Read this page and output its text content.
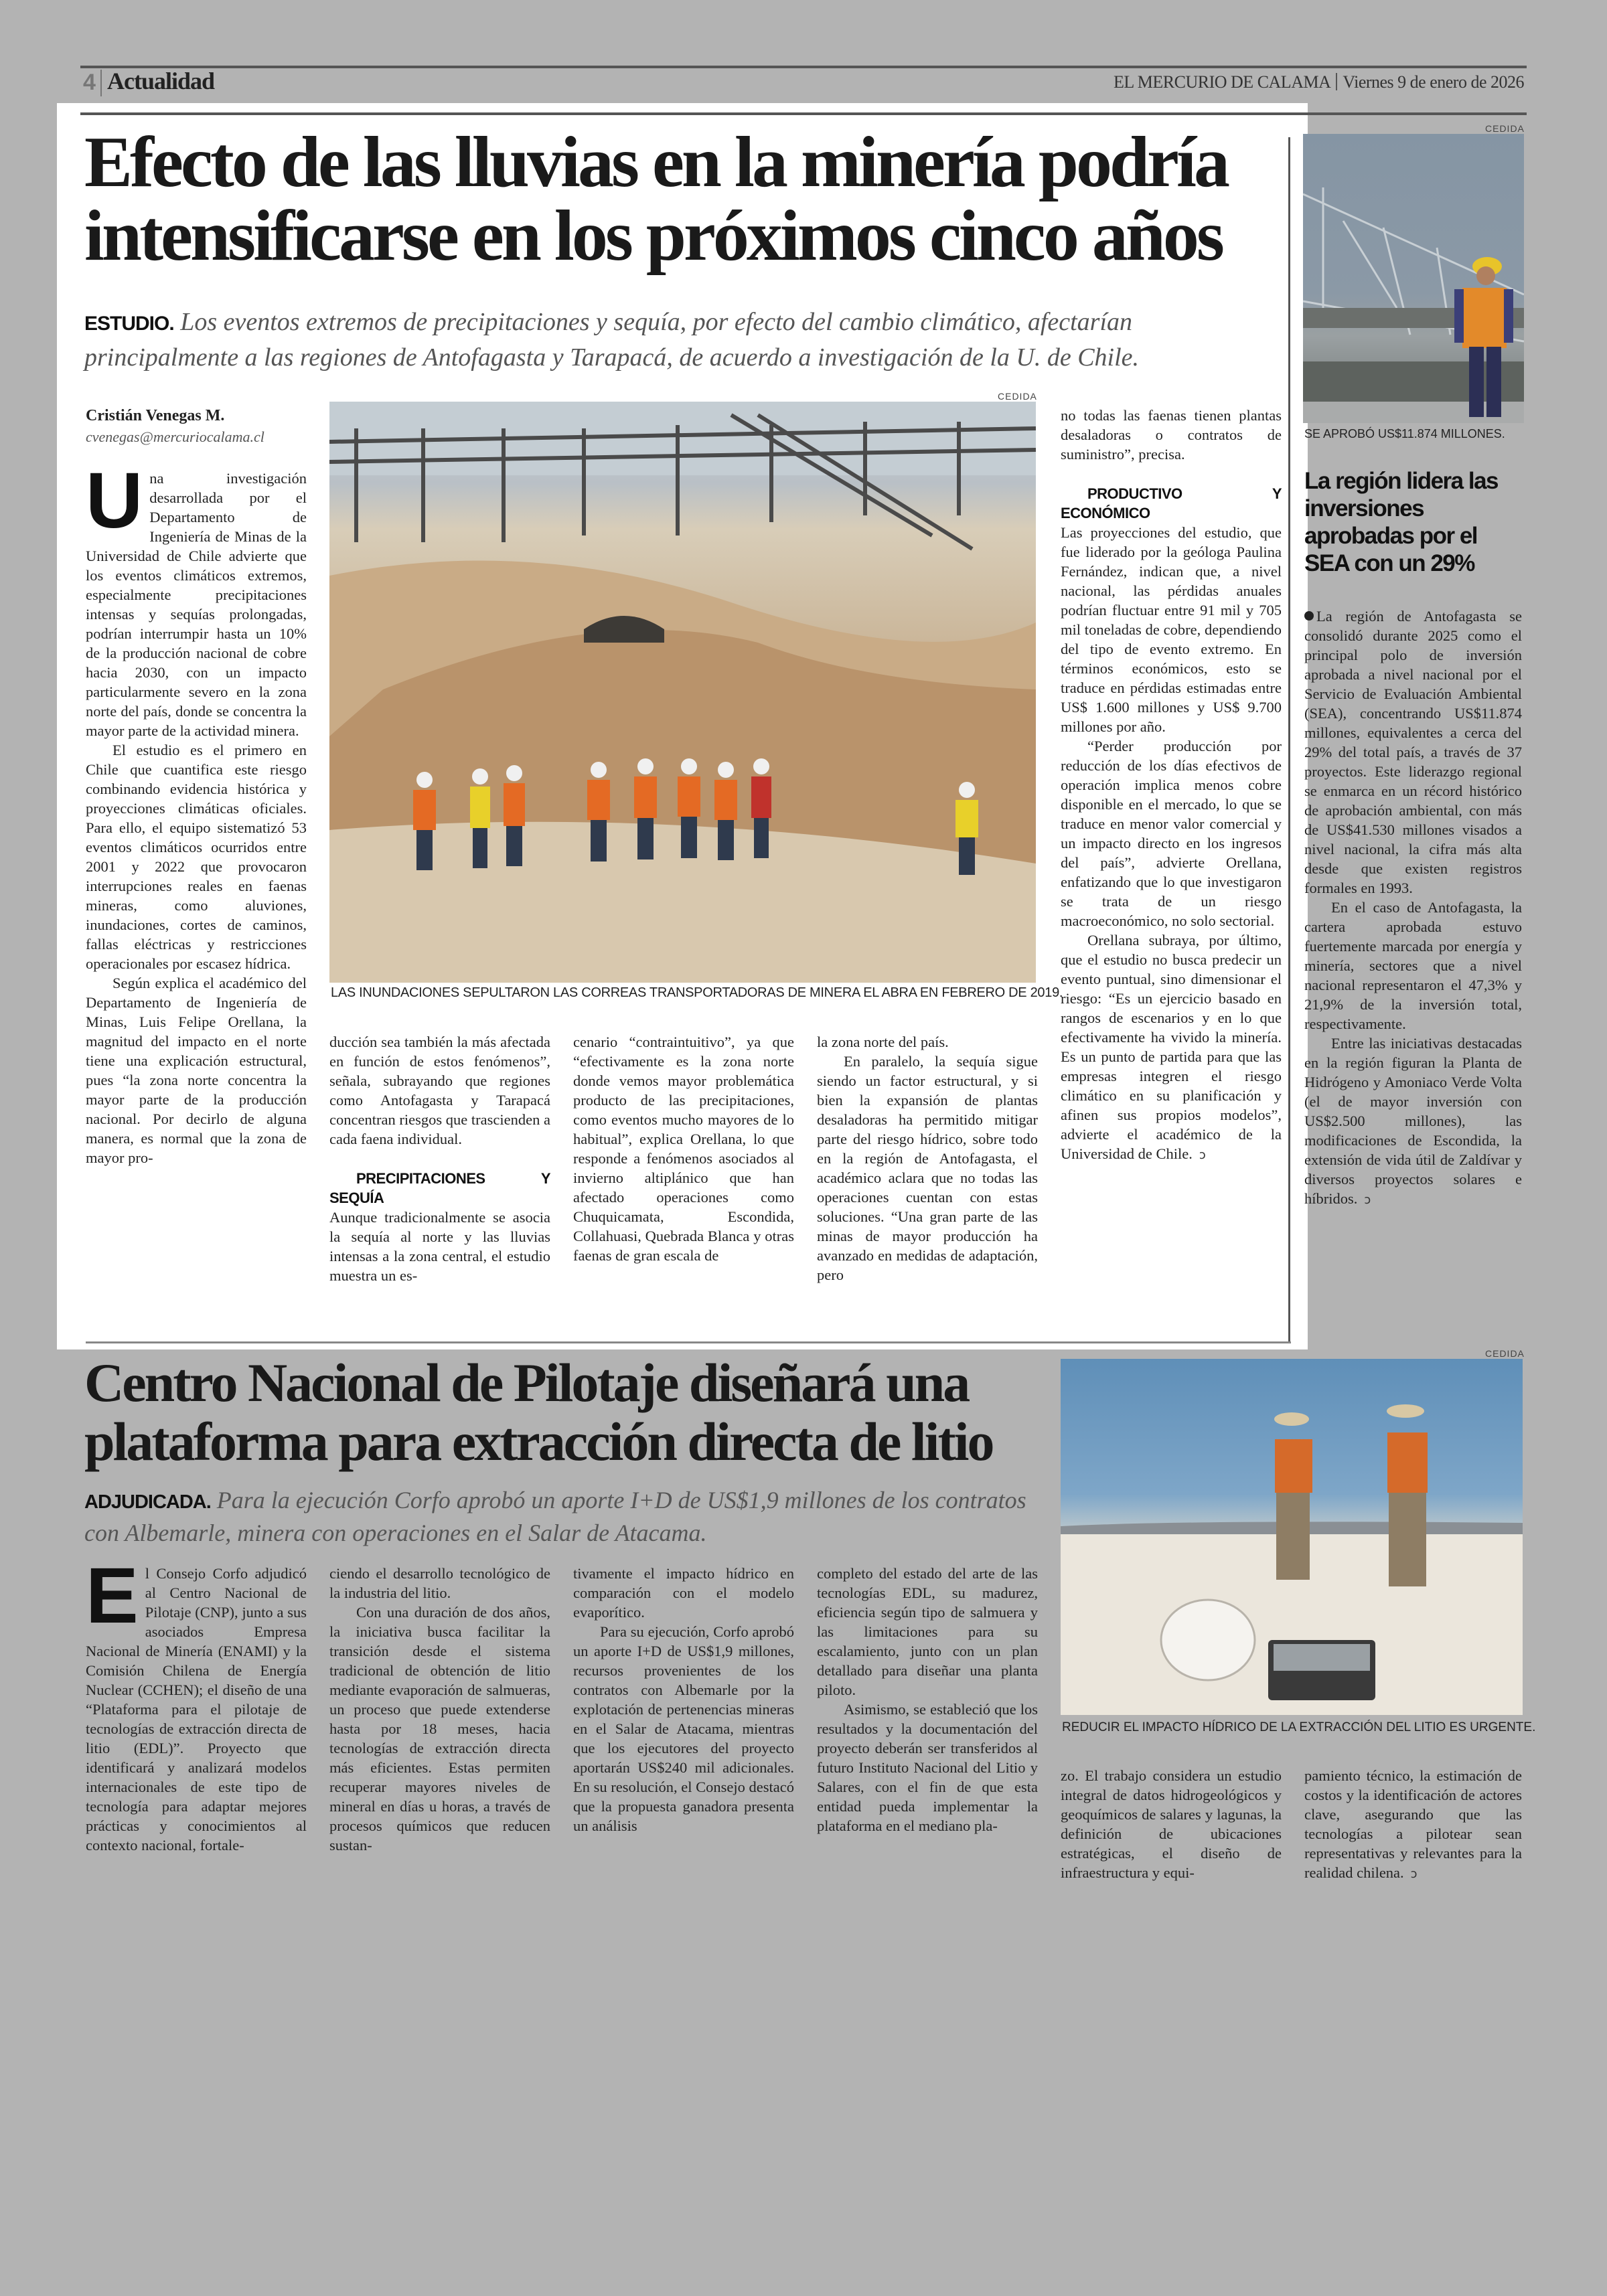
4 Actualidad	EL MERCURIO DE CALAMA Viernes 9 de enero de 2026
Efecto de las lluvias en la minería podría intensificarse en los próximos cinco años
ESTUDIO. Los eventos extremos de precipitaciones y sequía, por efecto del cambio climático, afectarían principalmente a las regiones de Antofagasta y Tarapacá, de acuerdo a investigación de la U. de Chile.
Cristián Venegas M.
cvenegas@mercuriocalama.cl

Una investigación desarrollada por el Departamento de Ingeniería de Minas de la Universidad de Chile advierte que los eventos climáticos extremos, especialmente precipitaciones intensas y sequías prolongadas, podrían interrumpir hasta un 10% de la producción nacional de cobre hacia 2030, con un impacto particularmente severo en la zona norte del país, donde se concentra la mayor parte de la actividad minera.

El estudio es el primero en Chile que cuantifica este riesgo combinando evidencia histórica y proyecciones climáticas oficiales. Para ello, el equipo sistematizó 53 eventos climáticos ocurridos entre 2001 y 2022 que provocaron interrupciones reales en faenas mineras, como aluviones, inundaciones, cortes de caminos, fallas eléctricas y restricciones operacionales por escasez hídrica.

Según explica el académico del Departamento de Ingeniería de Minas, Luis Felipe Orellana, la magnitud del impacto en el norte tiene una explicación estructural, pues “la zona norte concentra la mayor parte de la producción nacional. Por decirlo de alguna manera, es normal que la zona de mayor pro-

CEDIDA
LAS INUNDACIONES SEPULTARON LAS CORREAS TRANSPORTADORAS DE MINERA EL ABRA EN FEBRERO DE 2019.

ducción sea también la más afectada en función de estos fenómenos”, señala, subrayando que regiones como Antofagasta y Tarapacá concentran riesgos que trascienden a cada faena individual.

PRECIPITACIONES Y SEQUÍA

Aunque tradicionalmente se asocia la sequía al norte y las lluvias intensas a la zona central, el estudio muestra un es-

cenario “contraintuitivo”, ya que “efectivamente es la zona norte donde vemos mayor problemática producto de las precipitaciones, como eventos mucho mayores de lo habitual”, explica Orellana, lo que responde a fenómenos asociados al invierno altiplánico que han afectado operaciones como Chuquicamata, Escondida, Collahuasi, Quebrada Blanca y otras faenas de gran escala de

la zona norte del país.

En paralelo, la sequía sigue siendo un factor estructural, y si bien la expansión de plantas desaladoras ha permitido mitigar parte del riesgo hídrico, sobre todo en la región de Antofagasta, el académico aclara que no todas las operaciones cuentan con estas soluciones. “Una gran parte de las minas de mayor producción ha avanzado en medidas de adaptación, pero

no todas las faenas tienen plantas desaladoras o contratos de suministro”, precisa.

PRODUCTIVO Y ECONÓMICO

Las proyecciones del estudio, que fue liderado por la geóloga Paulina Fernández, indican que, a nivel nacional, las pérdidas anuales podrían fluctuar entre 91 mil y 705 mil toneladas de cobre, dependiendo del tipo de evento extremo. En términos económicos, esto se traduce en pérdidas estimadas entre US$ 1.600 millones y US$ 9.700 millones por año.

“Perder producción por reducción de los días efectivos de operación implica menos cobre disponible en el mercado, lo que se traduce en menor valor comercial y un impacto directo en los ingresos del país”, advierte Orellana, enfatizando que lo que investigaron se trata de un riesgo macroeconómico, no solo sectorial.

Orellana subraya, por último, que el estudio no busca predecir un evento puntual, sino dimensionar el riesgo: “Es un ejercicio basado en rangos de escenarios y en lo que efectivamente ha vivido la minería. Es un punto de partida para que las empresas integren el riesgo climático en su planificación y afinen sus propios modelos”, advierte el académico de la Universidad de Chile. ↄ

CEDIDA
SE APROBÓ US$11.874 MILLONES.
La región lidera las inversiones aprobadas por el SEA con un 29%

La región de Antofagasta se consolidó durante 2025 como el principal polo de inversión aprobada a nivel nacional por el Servicio de Evaluación Ambiental (SEA), concentrando US$11.874 millones, equivalentes a cerca del 29% del total país, a través de 37 proyectos. Este liderazgo regional se enmarca en un récord histórico de aprobación ambiental, con más de US$41.530 millones visados a nivel nacional, la cifra más alta desde que existen registros formales en 1993.

En el caso de Antofagasta, la cartera aprobada estuvo fuertemente marcada por energía y minería, sectores que a nivel nacional representaron el 47,3% y 21,9% de la inversión total, respectivamente.

Entre las iniciativas destacadas en la región figuran la Planta de Hidrógeno y Amoniaco Verde Volta (el de mayor inversión con US$2.500 millones), las modificaciones de Escondida, la extensión de vida útil de Zaldívar y diversos proyectos solares e híbridos. ↄ

Centro Nacional de Pilotaje diseñará una plataforma para extracción directa de litio
ADJUDICADA. Para la ejecución Corfo aprobó un aporte I+D de US$1,9 millones de los contratos con Albemarle, minera con operaciones en el Salar de Atacama.

El Consejo Corfo adjudicó al Centro Nacional de Pilotaje (CNP), junto a sus asociados Empresa Nacional de Minería (ENAMI) y la Comisión Chilena de Energía Nuclear (CCHEN); el diseño de una “Plataforma para el pilotaje de tecnologías de extracción directa de litio (EDL)”. Proyecto que identificará y analizará modelos internacionales de este tipo de tecnología para adaptar mejores prácticas y conocimientos al contexto nacional, fortale-

ciendo el desarrollo tecnológico de la industria del litio.

Con una duración de dos años, la iniciativa busca facilitar la transición desde el sistema tradicional de obtención de litio mediante evaporación de salmueras, un proceso que puede extenderse hasta por 18 meses, hacia tecnologías de extracción directa más eficientes. Estas permiten recuperar mayores niveles de mineral en días u horas, a través de procesos químicos que reducen sustan-

tivamente el impacto hídrico en comparación con el modelo evaporítico.

Para su ejecución, Corfo aprobó un aporte I+D de US$1,9 millones, recursos provenientes de los contratos con Albemarle por la explotación de pertenencias mineras en el Salar de Atacama, mientras que los ejecutores del proyecto aportarán US$240 mil adicionales. En su resolución, el Consejo destacó que la propuesta ganadora presenta un análisis

completo del estado del arte de las tecnologías EDL, su madurez, eficiencia según tipo de salmuera y las limitaciones para su escalamiento, junto con un plan detallado para diseñar una planta piloto.

Asimismo, se estableció que los resultados y la documentación del proyecto deberán ser transferidos al futuro Instituto Nacional del Litio y Salares, con el fin de que esta entidad pueda implementar la plataforma en el mediano pla-

CEDIDA
REDUCIR EL IMPACTO HÍDRICO DE LA EXTRACCIÓN DEL LITIO ES URGENTE.

zo. El trabajo considera un estudio integral de datos hidrogeológicos y geoquímicos de salares y lagunas, la definición de ubicaciones estratégicas, el diseño de infraestructura y equi-

pamiento técnico, la estimación de costos y la identificación de actores clave, asegurando que las tecnologías a pilotear sean representativas y relevantes para la realidad chilena. ↄ
